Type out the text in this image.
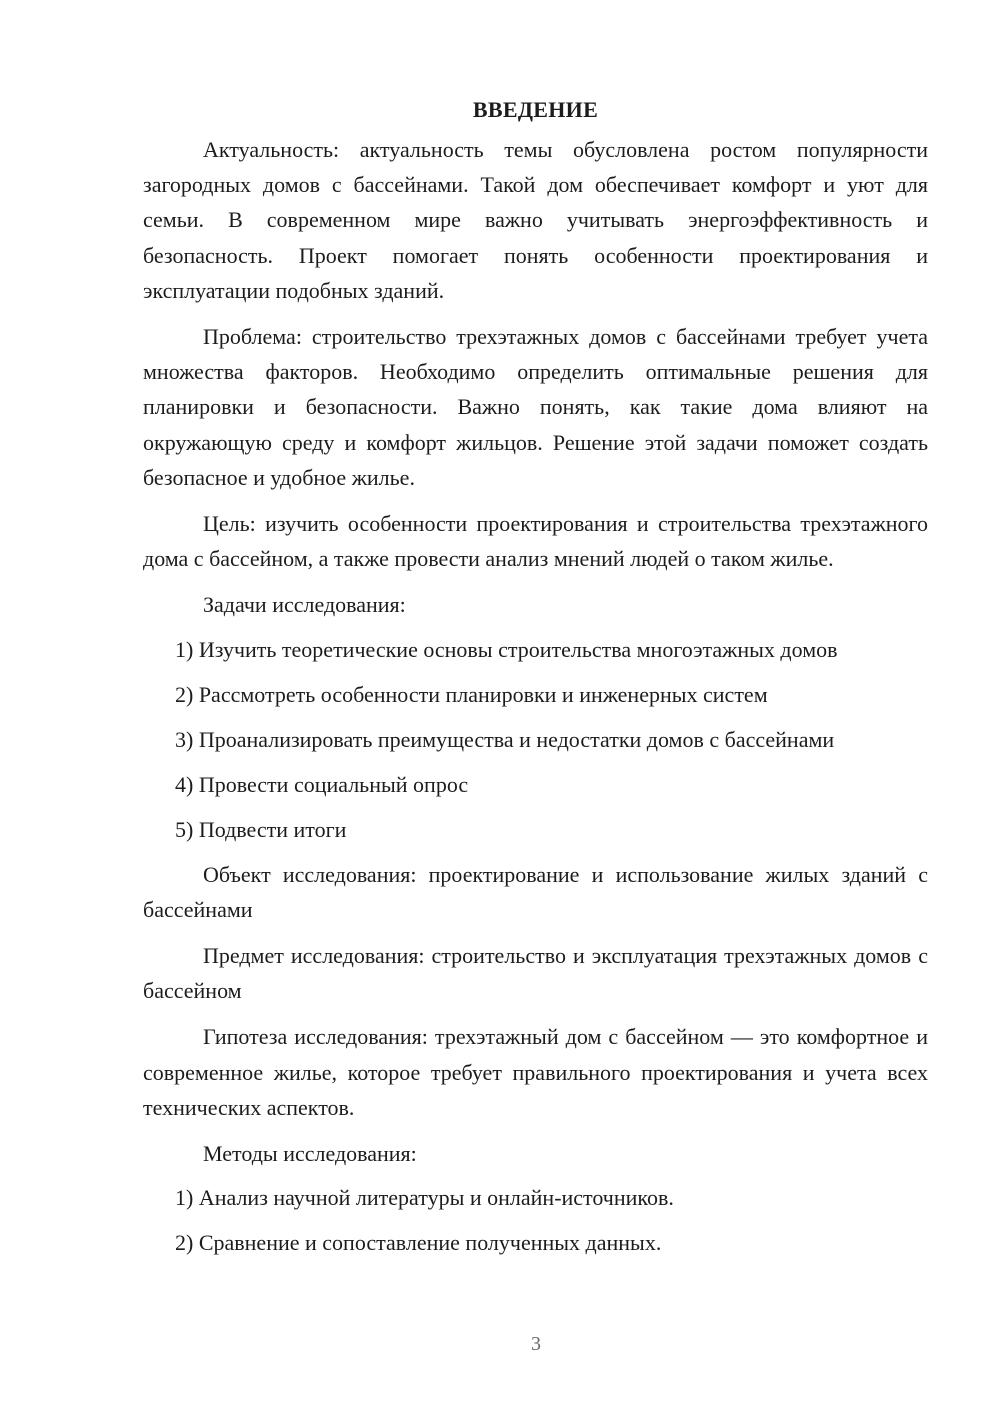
ВВЕДЕНИЕ

Актуальность: актуальность темы обусловлена ростом популярности загородных домов с бассейнами. Такой дом обеспечивает комфорт и уют для семьи. В современном мире важно учитывать энергоэффективность и безопасность. Проект помогает понять особенности проектирования и эксплуатации подобных зданий.

Проблема: строительство трехэтажных домов с бассейнами требует учета множества факторов. Необходимо определить оптимальные решения для планировки и безопасности. Важно понять, как такие дома влияют на окружающую среду и комфорт жильцов. Решение этой задачи поможет создать безопасное и удобное жилье.

Цель: изучить особенности проектирования и строительства трехэтажного дома с бассейном, а также провести анализ мнений людей о таком жилье.

Задачи исследования:

1) Изучить теоретические основы строительства многоэтажных домов
2) Рассмотреть особенности планировки и инженерных систем
3) Проанализировать преимущества и недостатки домов с бассейнами
4) Провести социальный опрос
5) Подвести итоги

Объект исследования: проектирование и использование жилых зданий с бассейнами

Предмет исследования: строительство и эксплуатация трехэтажных домов с бассейном

Гипотеза исследования: трехэтажный дом с бассейном — это комфортное и современное жилье, которое требует правильного проектирования и учета всех технических аспектов.

Методы исследования:

1) Анализ научной литературы и онлайн-источников.
2) Сравнение и сопоставление полученных данных.
3
